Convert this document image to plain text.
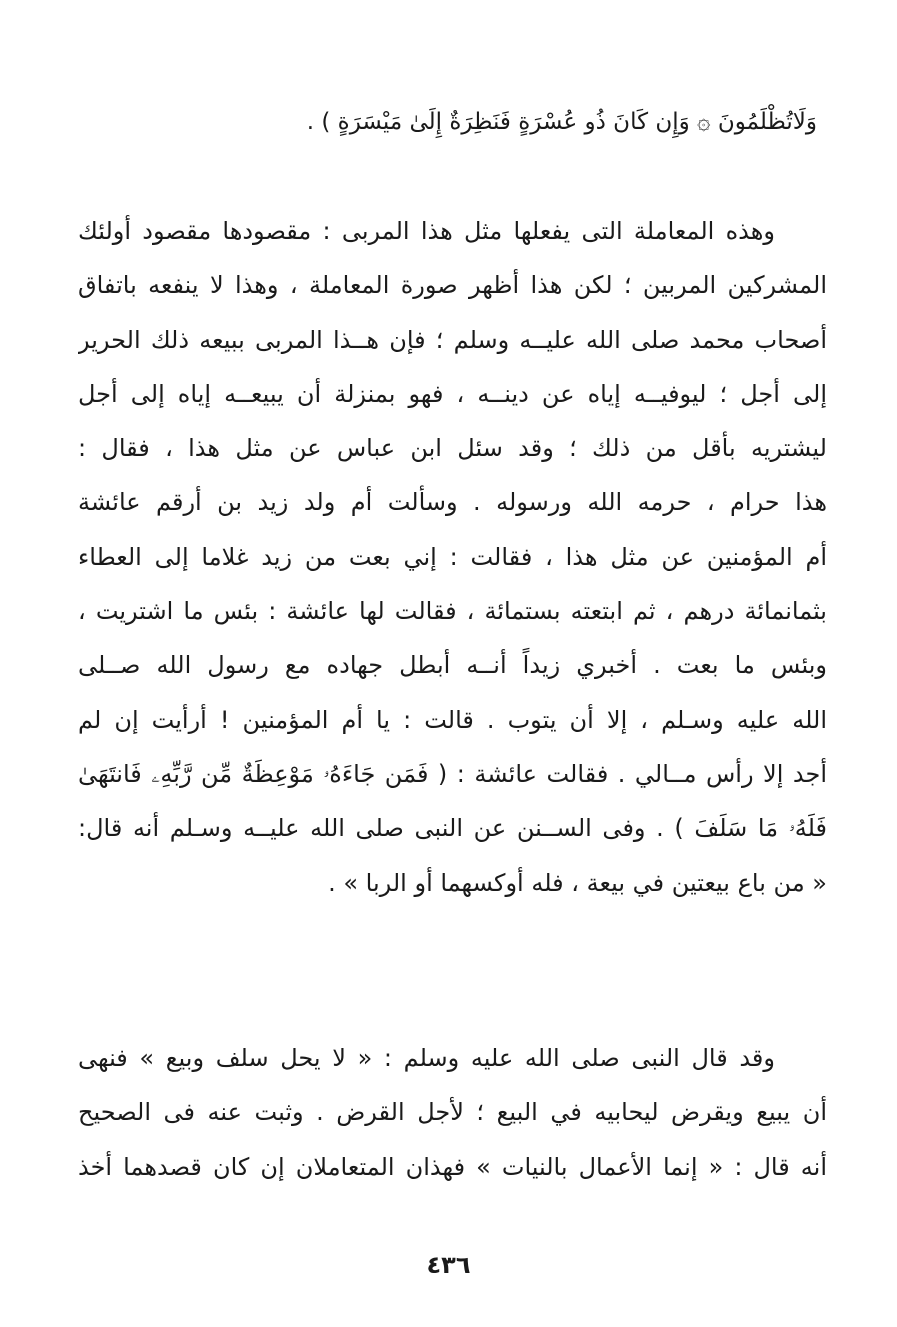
وَلَاتُظْلَمُونَ ۞ وَإِن كَانَ ذُو عُسْرَةٍ فَنَظِرَةٌ إِلَىٰ مَيْسَرَةٍ ) .
وهذه المعاملة التى يفعلها مثل هذا المربى : مقصودها مقصود أولئك
المشركين المربين ؛ لكن هذا أظهر صورة المعاملة ، وهذا لا ينفعه باتفاق
أصحاب محمد صلى الله عليــه وسلم ؛ فإن هــذا المربى ببيعه ذلك الحرير
إلى أجل ؛ ليوفيــه إياه عن دينــه ، فهو بمنزلة أن يبيعــه إياه إلى أجل
ليشتريه بأقل من ذلك ؛ وقد سئل ابن عباس عن مثل هذا ، فقال :
هذا حرام ، حرمه الله ورسوله . وسألت أم ولد زيد بن أرقم عائشة
أم المؤمنين عن مثل هذا ، فقالت : إني بعت من زيد غلاما إلى العطاء
بثمانمائة درهم ، ثم ابتعته بستمائة ، فقالت لها عائشة : بئس ما اشتريت ،
وبئس ما بعت . أخبري زيداً أنــه أبطل جهاده مع رسول الله صــلى
الله عليه وسـلم ، إلا أن يتوب . قالت : يا أم المؤمنين ! أرأيت إن لم
أجد إلا رأس مــالي . فقالت عائشة : ( فَمَن جَاءَهُۥ مَوْعِظَةٌ مِّن رَّبِّهِۦ فَانتَهَىٰ
فَلَهُۥ مَا سَلَفَ ) . وفى الســنن عن النبى صلى الله عليــه وسـلم أنه قال:
« من باع بيعتين في بيعة ، فله أوكسهما أو الربا » .
وقد قال النبى صلى الله عليه وسلم : « لا يحل سلف وبيع » فنهى
أن يبيع ويقرض ليحابيه في البيع ؛ لأجل القرض . وثبت عنه فى الصحيح
أنه قال : « إنما الأعمال بالنيات » فهذان المتعاملان إن كان قصدهما أخذ
٤٣٦
